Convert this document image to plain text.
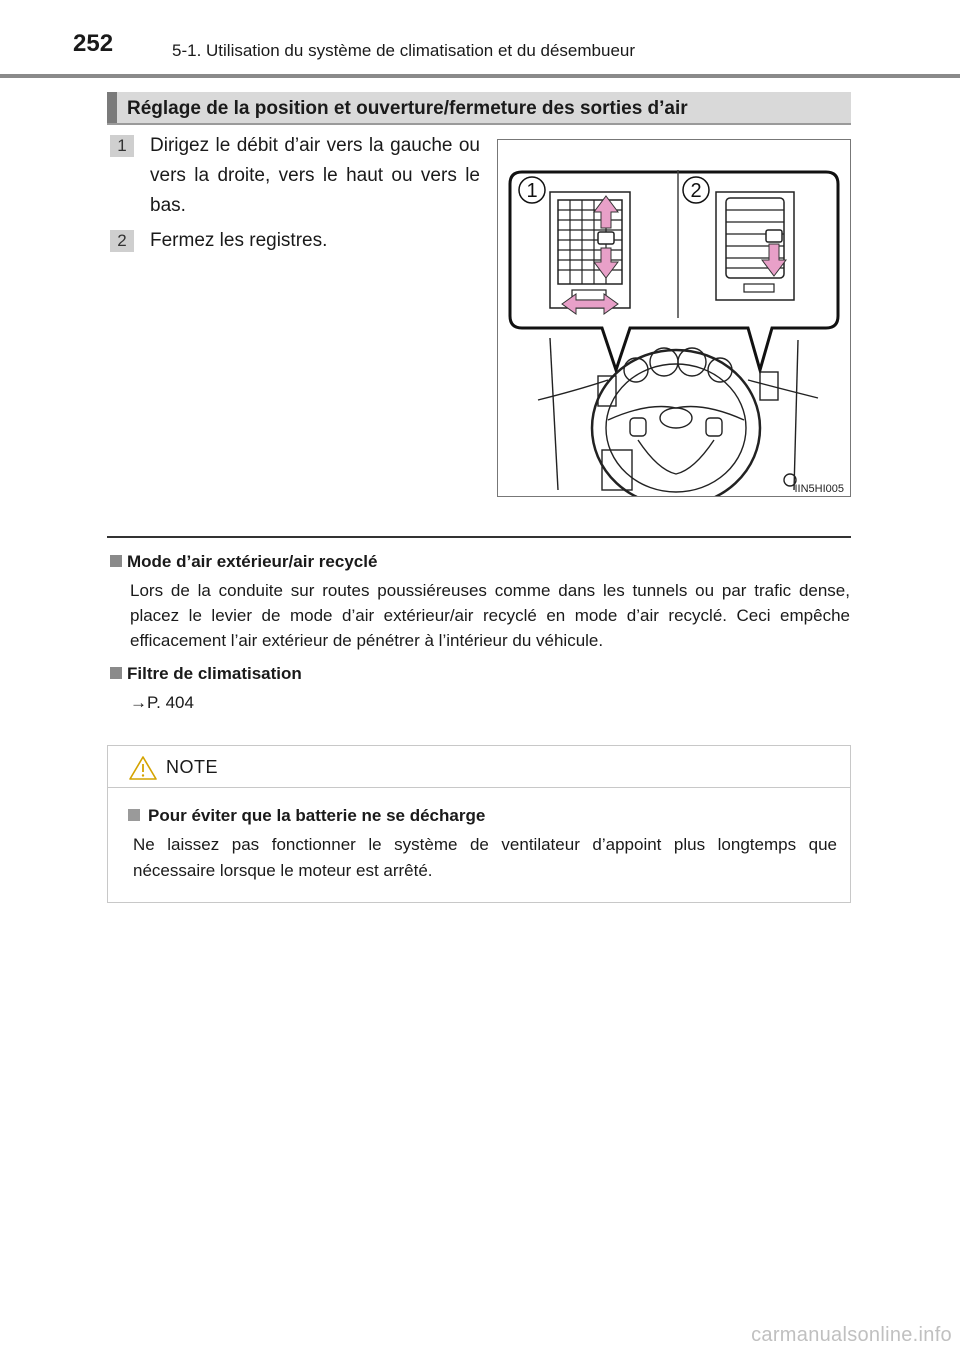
252	5-1. Utilisation du système de climatisation et du désembueur
Réglage de la position et ouverture/fermeture des sorties d’air
1	Dirigez le débit d’air vers la gauche ou vers la droite, vers le haut ou vers le bas.
2	Fermez les registres.
1	2
IIN5HI005
Mode d’air extérieur/air recyclé
Lors de la conduite sur routes poussiéreuses comme dans les tunnels ou par trafic dense, placez le levier de mode d’air extérieur/air recyclé en mode d’air recyclé. Ceci empêche efficacement l’air extérieur de pénétrer à l’intérieur du véhicule.
Filtre de climatisation
→P. 404
NOTE
Pour éviter que la batterie ne se décharge
Ne laissez pas fonctionner le système de ventilateur d’appoint plus longtemps que nécessaire lorsque le moteur est arrêté.
carmanualsonline.info
